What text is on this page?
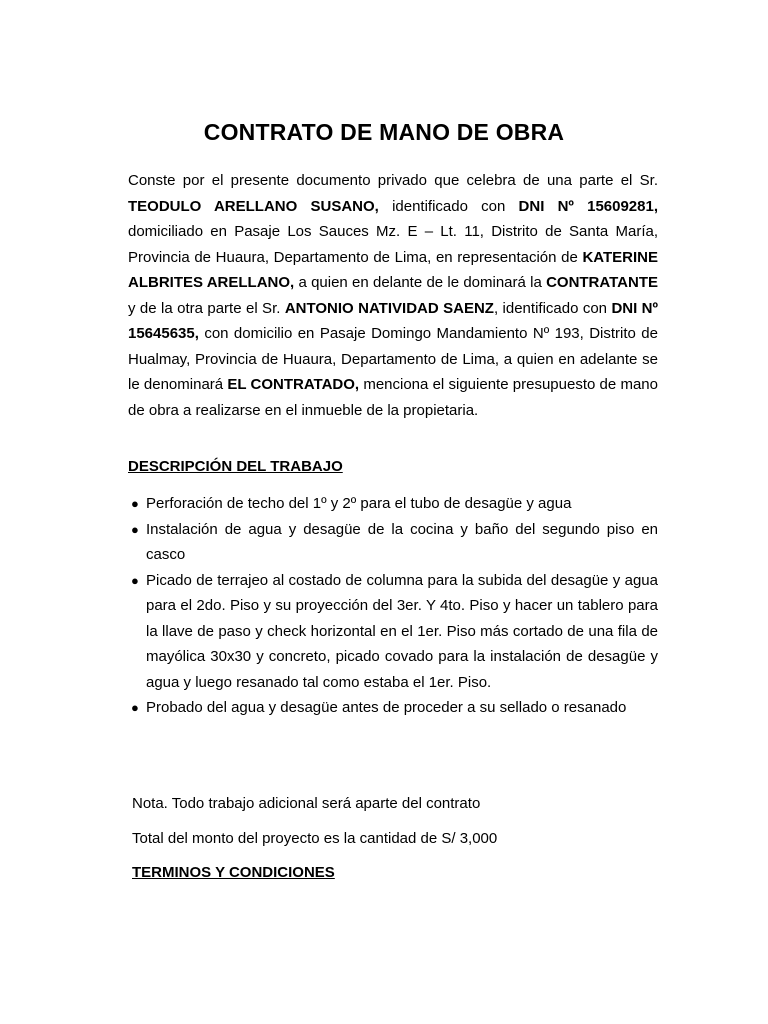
CONTRATO DE MANO DE OBRA

Conste por el presente documento privado que celebra de una parte el Sr. TEODULO ARELLANO SUSANO, identificado con DNI Nº 15609281, domiciliado en Pasaje Los Sauces Mz. E – Lt. 11, Distrito de Santa María, Provincia de Huaura, Departamento de Lima, en representación de KATERINE ALBRITES ARELLANO, a quien en delante de le dominará la CONTRATANTE y de la otra parte el Sr. ANTONIO NATIVIDAD SAENZ, identificado con DNI Nº 15645635, con domicilio en Pasaje Domingo Mandamiento Nº 193, Distrito de Hualmay, Provincia de Huaura, Departamento de Lima, a quien en adelante se le denominará EL CONTRATADO, menciona el siguiente presupuesto de mano de obra a realizarse en el inmueble de la propietaria.

DESCRIPCIÓN DEL TRABAJO
● Perforación de techo del 1º y 2º para el tubo de desagüe y agua
● Instalación de agua y desagüe de la cocina y baño del segundo piso en casco
● Picado de terrajeo al costado de columna para la subida del desagüe y agua para el 2do. Piso y su proyección del 3er. Y 4to. Piso y hacer un tablero para la llave de paso y check horizontal en el 1er. Piso más cortado de una fila de mayólica 30x30 y concreto, picado covado para la instalación de desagüe y agua y luego resanado tal como estaba el 1er. Piso.
● Probado del agua y desagüe antes de proceder a su sellado o resanado
Nota. Todo trabajo adicional será aparte del contrato
Total del monto del proyecto es la cantidad de S/ 3,000
TERMINOS Y CONDICIONES
